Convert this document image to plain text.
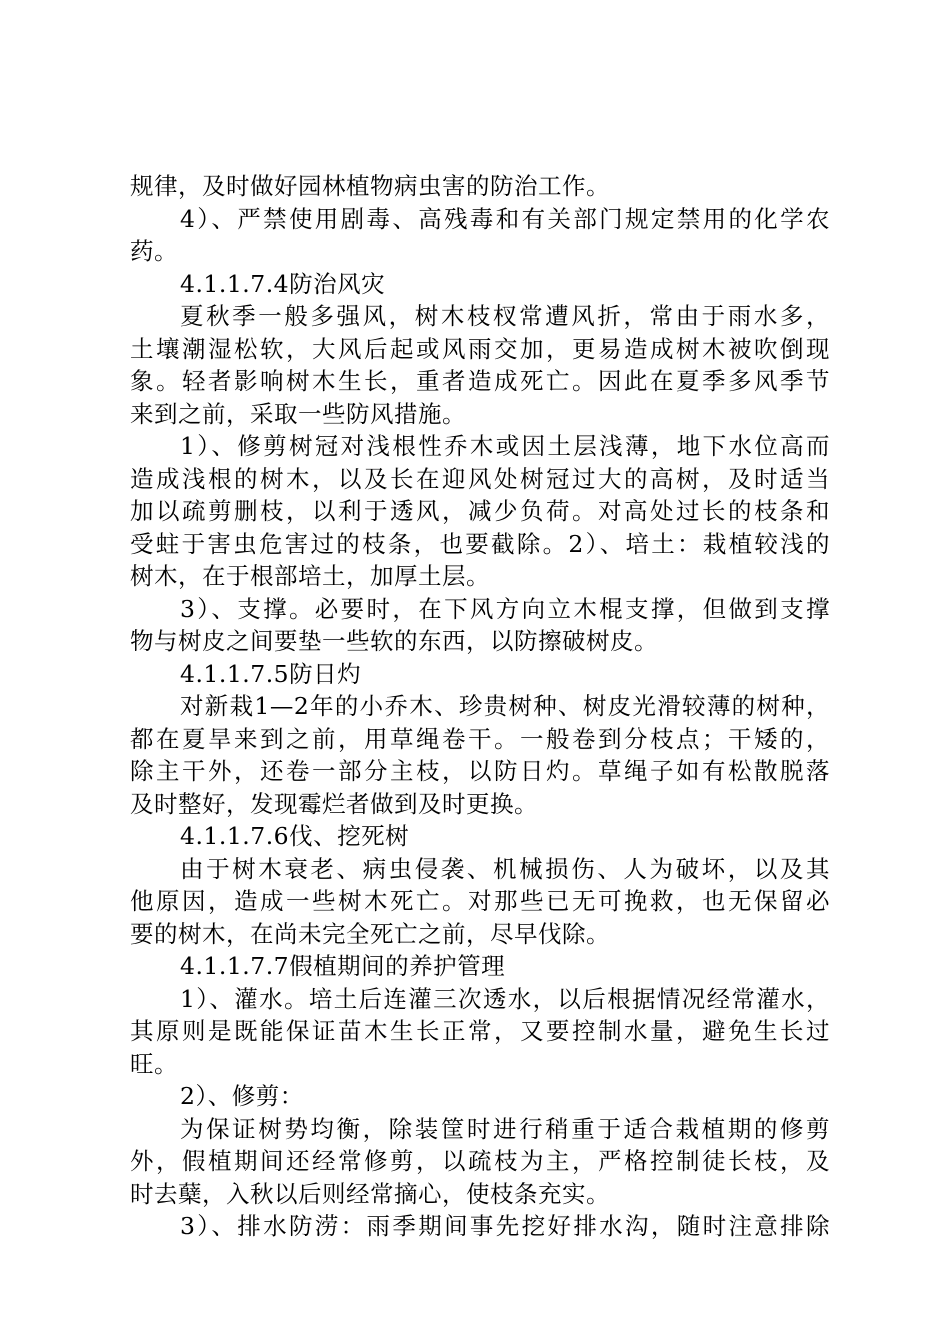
规律，及时做好园林植物病虫害的防治工作。
4）、严禁使用剧毒、高残毒和有关部门规定禁用的化学农
药。
4.1.1.7.4防治风灾
夏秋季一般多强风，树木枝杈常遭风折，常由于雨水多，
土壤潮湿松软，大风后起或风雨交加，更易造成树木被吹倒现
象。轻者影响树木生长，重者造成死亡。因此在夏季多风季节
来到之前，采取一些防风措施。
1）、修剪树冠对浅根性乔木或因土层浅薄，地下水位高而
造成浅根的树木，以及长在迎风处树冠过大的高树，及时适当
加以疏剪删枝，以利于透风，减少负荷。对高处过长的枝条和
受蛀于害虫危害过的枝条，也要截除。2）、培土：栽植较浅的
树木，在于根部培土，加厚土层。
3）、支撑。必要时，在下风方向立木棍支撑，但做到支撑
物与树皮之间要垫一些软的东西，以防擦破树皮。
4.1.1.7.5防日灼
对新栽1—2年的小乔木、珍贵树种、树皮光滑较薄的树种，
都在夏旱来到之前，用草绳卷干。一般卷到分枝点；干矮的，
除主干外，还卷一部分主枝，以防日灼。草绳子如有松散脱落
及时整好，发现霉烂者做到及时更换。
4.1.1.7.6伐、挖死树
由于树木衰老、病虫侵袭、机械损伤、人为破坏，以及其
他原因，造成一些树木死亡。对那些已无可挽救，也无保留必
要的树木，在尚未完全死亡之前，尽早伐除。
4.1.1.7.7假植期间的养护管理
1）、灌水。培土后连灌三次透水，以后根据情况经常灌水，
其原则是既能保证苗木生长正常，又要控制水量，避免生长过
旺。
2）、修剪：
为保证树势均衡，除装筐时进行稍重于适合栽植期的修剪
外，假植期间还经常修剪，以疏枝为主，严格控制徒长枝，及
时去蘖，入秋以后则经常摘心，使枝条充实。
3）、排水防涝：雨季期间事先挖好排水沟，随时注意排除
